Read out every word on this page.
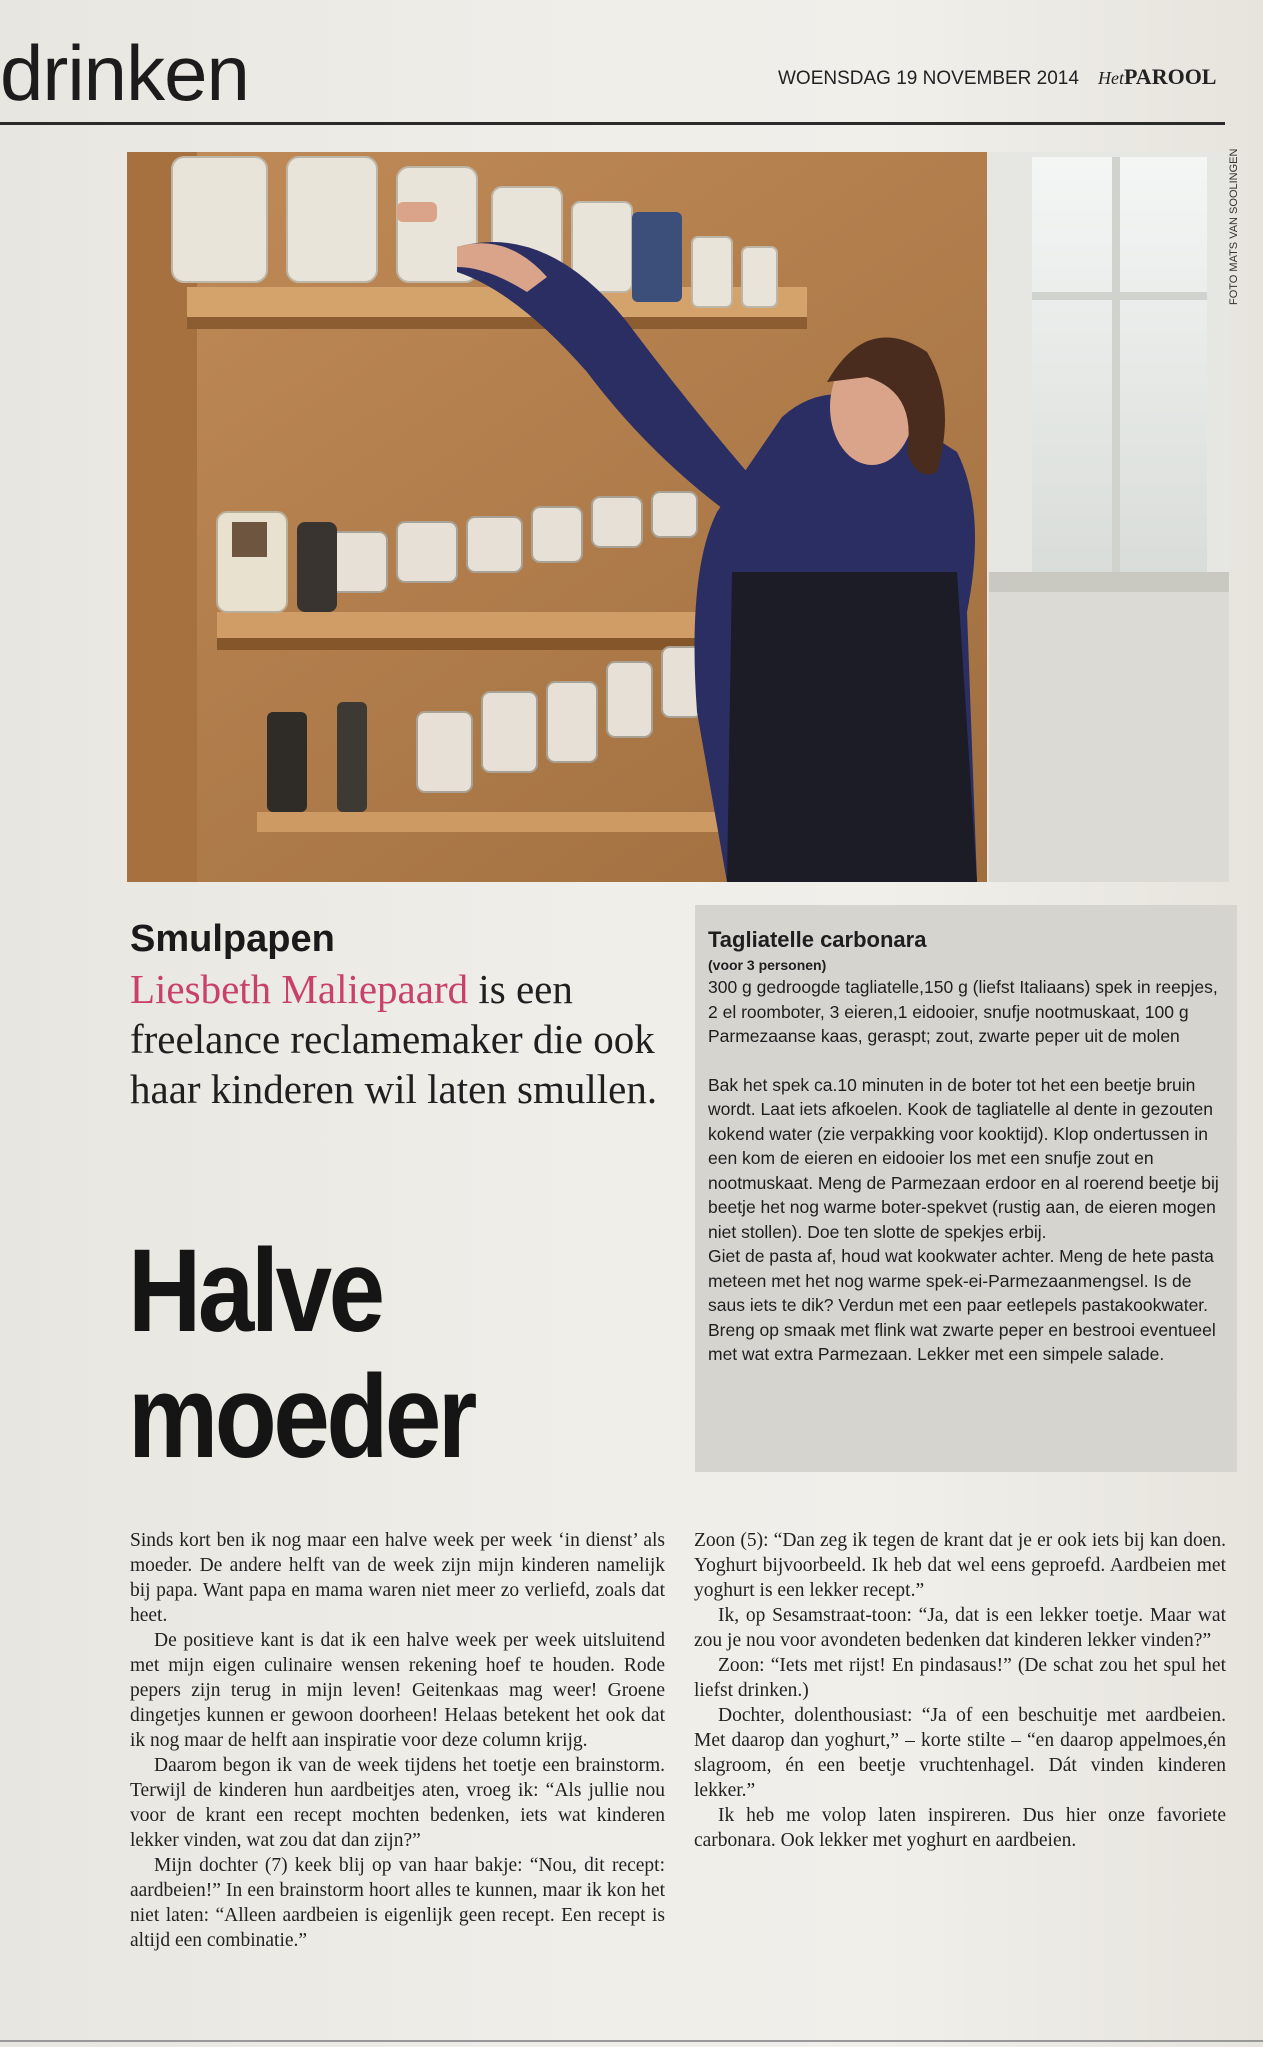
drinken	WOENSDAG 19 NOVEMBER 2014 HetPAROOL
FOTO MATS VAN SOOLINGEN
Smulpapen
Liesbeth Maliepaard is een freelance reclamemaker die ook haar kinderen wil laten smullen.
Halve
moeder
Tagliatelle carbonara
(voor 3 personen)

300 g gedroogde tagliatelle,150 g (liefst Italiaans) spek in reepjes, 2 el roomboter, 3 eieren,1 eidooier, snufje nootmuskaat, 100 g Parmezaanse kaas, geraspt; zout, zwarte peper uit de molen

Bak het spek ca.10 minuten in de boter tot het een beetje bruin wordt. Laat iets afkoelen. Kook de tagliatelle al dente in gezouten kokend water (zie verpakking voor kooktijd). Klop ondertussen in een kom de eieren en eidooier los met een snufje zout en nootmuskaat. Meng de Parmezaan erdoor en al roerend beetje bij beetje het nog warme boter-spekvet (rustig aan, de eieren mogen niet stollen). Doe ten slotte de spekjes erbij.

Giet de pasta af, houd wat kookwater achter. Meng de hete pasta meteen met het nog warme spek-ei-Parmezaanmengsel. Is de saus iets te dik? Verdun met een paar eetlepels pastakookwater. Breng op smaak met flink wat zwarte peper en bestrooi eventueel met wat extra Parmezaan. Lekker met een simpele salade.

Sinds kort ben ik nog maar een halve week per week ‘in dienst’ als moeder. De andere helft van de week zijn mijn kinderen namelijk bij papa. Want papa en mama waren niet meer zo verliefd, zoals dat heet.

De positieve kant is dat ik een halve week per week uitsluitend met mijn eigen culinaire wensen rekening hoef te houden. Rode pepers zijn terug in mijn leven! Geitenkaas mag weer! Groene dingetjes kunnen er gewoon doorheen! Helaas betekent het ook dat ik nog maar de helft aan inspiratie voor deze column krijg.

Daarom begon ik van de week tijdens het toetje een brainstorm. Terwijl de kinderen hun aardbeitjes aten, vroeg ik: “Als jullie nou voor de krant een recept mochten bedenken, iets wat kinderen lekker vinden, wat zou dat dan zijn?”

Mijn dochter (7) keek blij op van haar bakje: “Nou, dit recept: aardbeien!” In een brainstorm hoort alles te kunnen, maar ik kon het niet laten: “Alleen aardbeien is eigenlijk geen recept. Een recept is altijd een combinatie.”

Zoon (5): “Dan zeg ik tegen de krant dat je er ook iets bij kan doen. Yoghurt bijvoorbeeld. Ik heb dat wel eens geproefd. Aardbeien met yoghurt is een lekker recept.”

Ik, op Sesamstraat-toon: “Ja, dat is een lekker toetje. Maar wat zou je nou voor avondeten bedenken dat kinderen lekker vinden?”

Zoon: “Iets met rijst! En pindasaus!” (De schat zou het spul het liefst drinken.)

Dochter, dolenthousiast: “Ja of een beschuitje met aardbeien. Met daarop dan yoghurt,” – korte stilte – “en daarop appelmoes,én slagroom, én een beetje vruchtenhagel. Dát vinden kinderen lekker.”

Ik heb me volop laten inspireren. Dus hier onze favoriete carbonara. Ook lekker met yoghurt en aardbeien.
